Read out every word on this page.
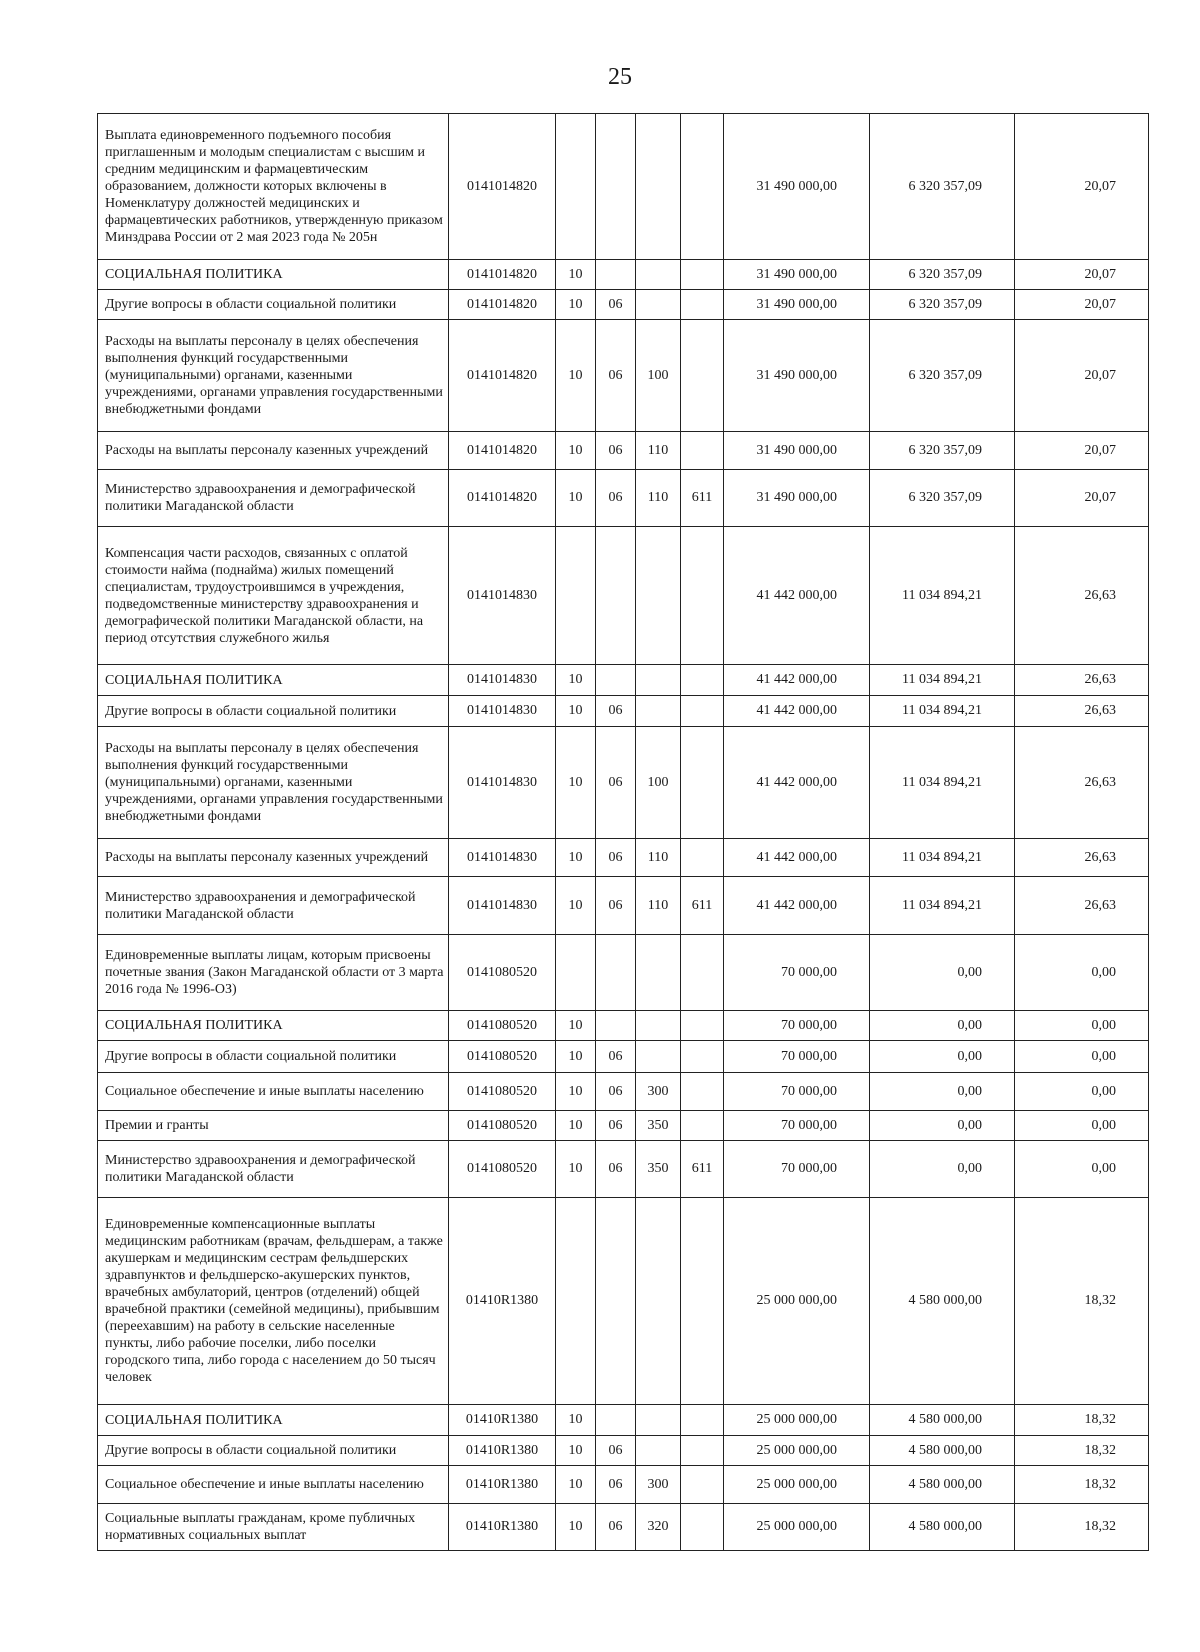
25
Выплата единовременного подъемного пособия приглашенным и молодым специалистам с высшим и средним медицинским и фармацевтическим образованием, должности которых включены в Номенклатуру должностей медицинских и фармацевтических работников, утвержденную приказом Минздрава России от 2 мая 2023 года № 205н	0141014820					31 490 000,00	6 320 357,09	20,07
СОЦИАЛЬНАЯ ПОЛИТИКА	0141014820	10				31 490 000,00	6 320 357,09	20,07
Другие вопросы в области социальной политики	0141014820	10	06			31 490 000,00	6 320 357,09	20,07
Расходы на выплаты персоналу в целях обеспечения выполнения функций государственными (муниципальными) органами, казенными учреждениями, органами управления государственными внебюджетными фондами	0141014820	10	06	100		31 490 000,00	6 320 357,09	20,07
Расходы на выплаты персоналу казенных учреждений	0141014820	10	06	110		31 490 000,00	6 320 357,09	20,07
Министерство здравоохранения и демографической политики Магаданской области	0141014820	10	06	110	611	31 490 000,00	6 320 357,09	20,07
Компенсация части расходов, связанных с оплатой стоимости найма (поднайма) жилых помещений специалистам, трудоустроившимся в учреждения, подведомственные министерству здравоохранения и демографической политики Магаданской области, на период отсутствия служебного жилья	0141014830					41 442 000,00	11 034 894,21	26,63
СОЦИАЛЬНАЯ ПОЛИТИКА	0141014830	10				41 442 000,00	11 034 894,21	26,63
Другие вопросы в области социальной политики	0141014830	10	06			41 442 000,00	11 034 894,21	26,63
Расходы на выплаты персоналу в целях обеспечения выполнения функций государственными (муниципальными) органами, казенными учреждениями, органами управления государственными внебюджетными фондами	0141014830	10	06	100		41 442 000,00	11 034 894,21	26,63
Расходы на выплаты персоналу казенных учреждений	0141014830	10	06	110		41 442 000,00	11 034 894,21	26,63
Министерство здравоохранения и демографической политики Магаданской области	0141014830	10	06	110	611	41 442 000,00	11 034 894,21	26,63
Единовременные выплаты лицам, которым присвоены почетные звания (Закон Магаданской области от 3 марта 2016 года № 1996-ОЗ)	0141080520					70 000,00	0,00	0,00
СОЦИАЛЬНАЯ ПОЛИТИКА	0141080520	10				70 000,00	0,00	0,00
Другие вопросы в области социальной политики	0141080520	10	06			70 000,00	0,00	0,00
Социальное обеспечение и иные выплаты населению	0141080520	10	06	300		70 000,00	0,00	0,00
Премии и гранты	0141080520	10	06	350		70 000,00	0,00	0,00
Министерство здравоохранения и демографической политики Магаданской области	0141080520	10	06	350	611	70 000,00	0,00	0,00
Единовременные компенсационные выплаты медицинским работникам (врачам, фельдшерам, а также акушеркам и медицинским сестрам фельдшерских здравпунктов и фельдшерско-акушерских пунктов, врачебных амбулаторий, центров (отделений) общей врачебной практики (семейной медицины), прибывшим (переехавшим) на работу в сельские населенные пункты, либо рабочие поселки, либо поселки городского типа, либо города с населением до 50 тысяч человек	01410R1380					25 000 000,00	4 580 000,00	18,32
СОЦИАЛЬНАЯ ПОЛИТИКА	01410R1380	10				25 000 000,00	4 580 000,00	18,32
Другие вопросы в области социальной политики	01410R1380	10	06			25 000 000,00	4 580 000,00	18,32
Социальное обеспечение и иные выплаты населению	01410R1380	10	06	300		25 000 000,00	4 580 000,00	18,32
Социальные выплаты гражданам, кроме публичных нормативных социальных выплат	01410R1380	10	06	320		25 000 000,00	4 580 000,00	18,32
